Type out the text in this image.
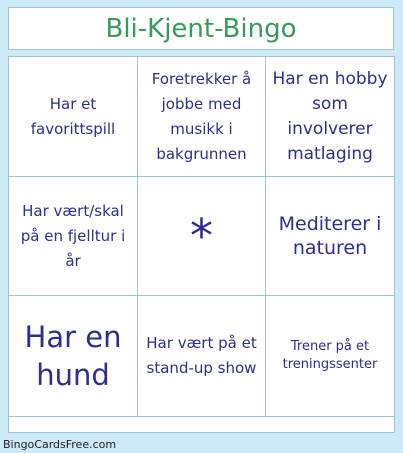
Bli-Kjent-Bingo
Har et favorittspill
Foretrekker å jobbe med musikk i bakgrunnen
Har en hobby som involverer matlaging
Har vært/skal på en fjelltur i år	*	Mediterer i naturen
Har en hund
Har vært på et stand-up show
Trener på et treningssenter
BingoCardsFree.com
